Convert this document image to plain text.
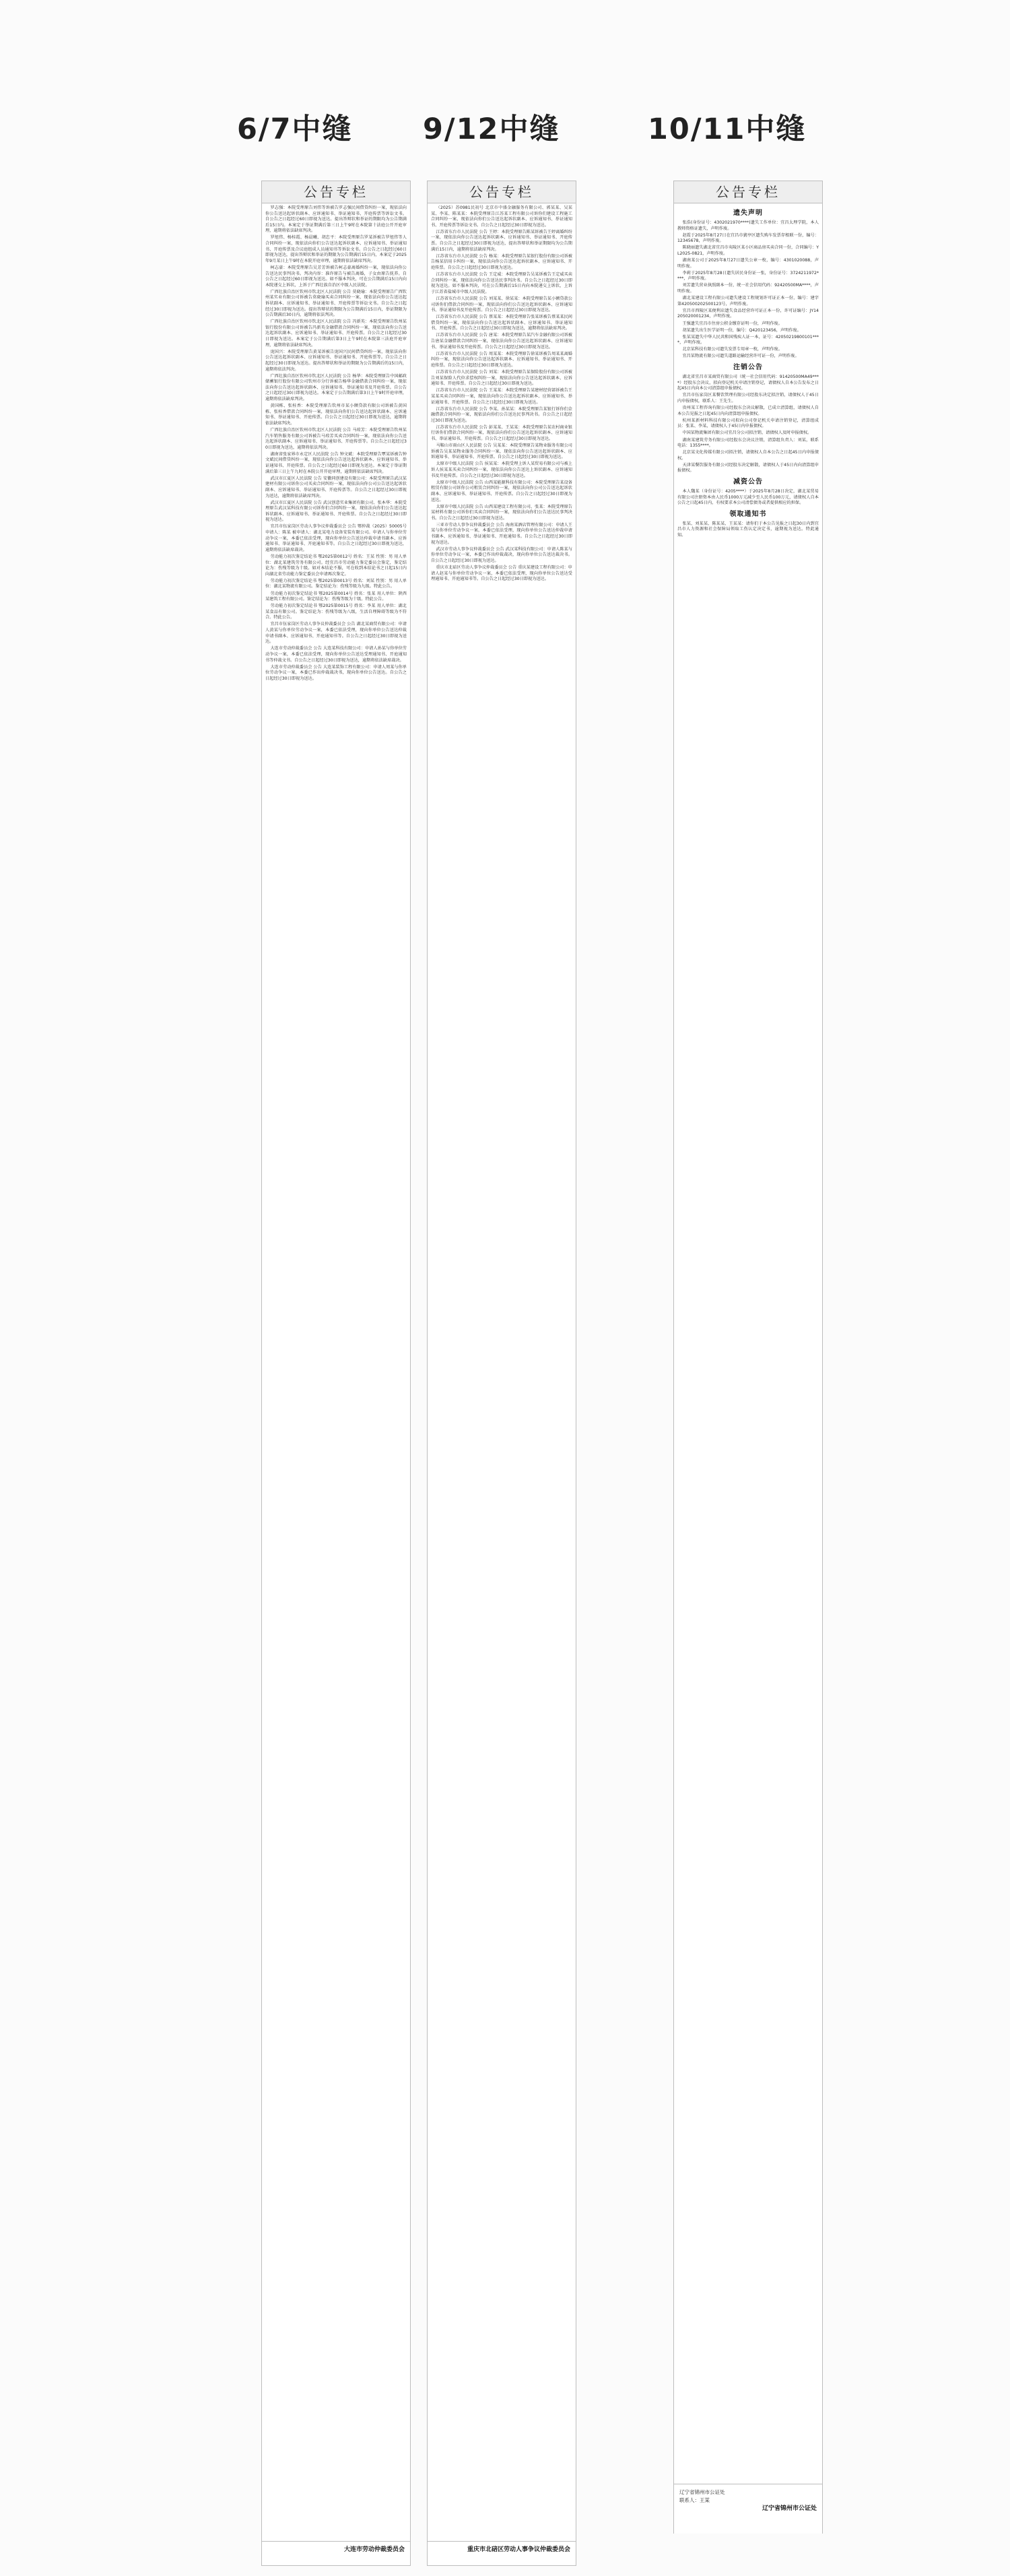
6/7中缝 9/12中缝	10/11中缝
公告专栏

罗志强：本院受理原告刘伟等诉被告罗志强民间借贷纠纷一案，现依法向你公告送达起诉状副本、应诉通知书、举证通知书、开庭传票等诉讼文书。自公告之日起经过60日即视为送达。提出答辩状和举证的期限均为公告期满后15日内。本案定于举证期满后第三日上午9时在本院第十法庭公开开庭审理，逾期将依法缺席判决。

罗旭伟、杨桂霞、杨晨曦、胡忠平：本院受理原告罗某诉被告罗旭伟等人合同纠纷一案，现依法向你们公告送达起诉状副本、应诉通知书、举证通知书、开庭传票及合议庭组成人员通知书等诉讼文书。自公告之日起经过60日即视为送达，提出答辩状和举证的期限为公告期满后15日内，本案定于2025年9月某日上午9时在本院开庭审理，逾期将依法缺席判决。

柯志豪：本院受理原告吴芳芳诉被告柯志豪离婚纠纷一案，现依法向你公告送达民事判决书。判决内容：准许原告与被告离婚，子女由原告抚养。自公告之日起经过60日即视为送达。如不服本判决，可在公告期满后15日内向本院递交上诉状，上诉于广西壮族自治区中级人民法院。

广西壮族自治区钦州市钦北区人民法院 公告 莫晓瑜：本院受理原告广西钦州某实业有限公司诉被告莫晓瑜买卖合同纠纷一案，现依法向你公告送达起诉状副本、应诉通知书、举证通知书、开庭传票等诉讼文书。自公告之日起经过30日即视为送达。提出答辩状的期限为公告期满后15日内，举证期限为公告期满后30日内，逾期将依法判决。

广西壮族自治区钦州市钦北区人民法院 公告 冯新英：本院受理原告钦州某银行股份有限公司诉被告冯新英金融借款合同纠纷一案，现依法向你公告送达起诉状副本、应诉通知书、举证通知书、开庭传票。自公告之日起经过30日即视为送达。本案定于公告期满后第3日上午9时在本院第三法庭开庭审理，逾期将依法缺席判决。

庞国兴：本院受理原告黄某诉被告庞国兴民间借贷纠纷一案，现依法向你公告送达起诉状副本、应诉通知书、举证通知书、开庭传票等。自公告之日起经过30日即视为送达。提出答辩状和举证的期限为公告期满后的15日内，逾期将依法判决。

广西壮族自治区钦州市钦北区人民法院 公告 杨华：本院受理原告中国邮政储蓄银行股份有限公司钦州市分行诉被告杨华金融借款合同纠纷一案，现依法向你公告送达起诉状副本、应诉通知书、举证通知书及开庭传票。自公告之日起经过30日即视为送达。本案定于公告期满后第3日上午9时开庭审理，逾期将依法缺席判决。

黄国栋、张桂香：本院受理原告钦州市某小额贷款有限公司诉被告黄国栋、张桂香借款合同纠纷一案，现依法向你们公告送达起诉状副本、应诉通知书、举证通知书、开庭传票。自公告之日起经过30日即视为送达，逾期将依法缺席判决。

广西壮族自治区钦州市钦北区人民法院 公告 马琼芳：本院受理原告钦州某汽车销售服务有限公司诉被告马琼芳买卖合同纠纷一案，现依法向你公告送达起诉状副本、应诉通知书、举证通知书、开庭传票等。自公告之日起经过30日即视为送达，逾期将依法判决。

湖南省张家界市永定区人民法院 公告 钟文斌：本院受理原告覃某诉被告钟文斌民间借贷纠纷一案，现依法向你公告送达起诉状副本、应诉通知书、举证通知书、开庭传票。自公告之日起经过60日即视为送达。本案定于举证期满后第三日上午九时在本院公开开庭审理，逾期将依法缺席判决。

武汉市江夏区人民法院 公告 安徽同创建设有限公司：本院受理原告武汉某建材有限公司诉你公司买卖合同纠纷一案，现依法向你公司公告送达起诉状副本、应诉通知书、举证通知书、开庭传票等。自公告之日起经过30日即视为送达，逾期将依法缺席判决。

武汉市江夏区人民法院 公告 武汉创意实业集团有限公司、张本华：本院受理原告武汉某科技有限公司诉你们合同纠纷一案，现依法向你们公告送达起诉状副本、应诉通知书、举证通知书、开庭传票。自公告之日起经过30日即视为送达。

宜昌市伍家岗区劳动人事争议仲裁委员会 公告 鄂仲裁（2025）50005号 申请人：陈某 被申请人：湖北某电力设备安装有限公司。申请人与你单位劳动争议一案，本委已依法受理，现向你单位公告送达仲裁申请书副本、应诉通知书、举证通知书、开庭通知书等。自公告之日起经过30日即视为送达，逾期将依法缺席裁决。

劳动能力初次鉴定结论书 鄂2025第0012号 姓名：王某 性别：男 用人单位：湖北某建筑劳务有限公司。经宜昌市劳动能力鉴定委员会鉴定，鉴定结论为：伤残等级为十级。如对本结论不服，可在收到本结论书之日起15日内向湖北省劳动能力鉴定委员会申请再次鉴定。

劳动能力初次鉴定结论书 鄂2025第0013号 姓名：刘某 性别：男 用人单位：湖北某物流有限公司。鉴定结论为：伤残等级为九级。特此公告。

劳动能力初次鉴定结论书 鄂2025第0014号 姓名：张某 用人单位：陕西某建筑工程有限公司。鉴定结论为：伤残等级为十级。特此公告。

劳动能力初次鉴定结论书 鄂2025第0015号 姓名：李某 用人单位：湖北某食品有限公司。鉴定结论为：伤残等级为八级，生活自理障碍等级为不符合。特此公告。

宜昌市伍家岗区劳动人事争议仲裁委员会 公告 湖北某商贸有限公司：申请人黄某与你单位劳动争议一案，本委已依法受理，现向你单位公告送达仲裁申请书副本、应诉通知书、开庭通知书等。自公告之日起经过30日即视为送达。

大连市劳动仲裁委员会 公告 大连某科技有限公司：申请人孙某与你单位劳动争议一案，本委已依法受理，现向你单位公告送达受理通知书、开庭通知书等仲裁文书。自公告之日起经过30日即视为送达，逾期将依法缺席裁决。

大连市劳动仲裁委员会 公告 大连某装饰工程有限公司：申请人周某与你单位劳动争议一案，本委已作出仲裁裁决书，现向你单位公告送达。自公告之日起经过30日即视为送达。

大连市劳动仲裁委员会
公告专栏

（2025）苏0981民初号 北京市中盛金融服务有限公司、郭某某、吴某某、李某、陈某某：本院受理原告江苏某工程有限公司诉你们建设工程施工合同纠纷一案，现依法向你们公告送达起诉状副本、应诉通知书、举证通知书、开庭传票等诉讼文书。自公告之日起经过30日即视为送达。

江苏省东台市人民法院 公告 王婷：本院受理原告陈某诉被告王婷离婚纠纷一案，现依法向你公告送达起诉状副本、应诉通知书、举证通知书、开庭传票。自公告之日起经过30日即视为送达，提出答辩状和举证期限均为公告期满后15日内，逾期将依法缺席判决。

江苏省东台市人民法院 公告 杨某：本院受理原告某银行股份有限公司诉被告杨某信用卡纠纷一案，现依法向你公告送达起诉状副本、应诉通知书、开庭传票。自公告之日起经过30日即视为送达。

江苏省东台市人民法院 公告 王定威：本院受理原告吴某诉被告王定威买卖合同纠纷一案，现依法向你公告送达民事判决书。自公告之日起经过30日即视为送达。如不服本判决，可在公告期满后15日内向本院递交上诉状，上诉于江苏省盐城市中级人民法院。

江苏省东台市人民法院 公告 刘某某、徐某某：本院受理原告某小额贷款公司诉你们借款合同纠纷一案，现依法向你们公告送达起诉状副本、应诉通知书、举证通知书及开庭传票。自公告之日起经过30日即视为送达。

江苏省东台市人民法院 公告 蔡某某：本院受理原告张某诉被告蔡某某民间借贷纠纷一案，现依法向你公告送达起诉状副本、应诉通知书、举证通知书、开庭传票。自公告之日起经过30日即视为送达，逾期将依法缺席判决。

江苏省东台市人民法院 公告 唐某：本院受理原告某汽车金融有限公司诉被告唐某金融借款合同纠纷一案，现依法向你公告送达起诉状副本、应诉通知书、举证通知书及开庭传票。自公告之日起经过30日即视为送达。

江苏省东台市人民法院 公告 周某某：本院受理原告徐某诉被告周某某离婚纠纷一案，现依法向你公告送达起诉状副本、应诉通知书、举证通知书、开庭传票。自公告之日起经过30日即视为送达。

江苏省东台市人民法院 公告 刘某：本院受理原告某保险股份有限公司诉被告刘某保险人代位求偿权纠纷一案，现依法向你公告送达起诉状副本、应诉通知书、开庭传票。自公告之日起经过30日即视为送达。

江苏省东台市人民法院 公告 王某某：本院受理原告某建材经营部诉被告王某某买卖合同纠纷一案，现依法向你公告送达起诉状副本、应诉通知书、举证通知书、开庭传票。自公告之日起经过30日即视为送达。

江苏省东台市人民法院 公告 李某、孙某某：本院受理原告某银行诉你们金融借款合同纠纷一案，现依法向你们公告送达民事判决书。自公告之日起经过30日即视为送达。

江苏省东台市人民法院 公告 彭某某、王某某：本院受理原告某农村商业银行诉你们借款合同纠纷一案，现依法向你们公告送达起诉状副本、应诉通知书、举证通知书、开庭传票。自公告之日起经过30日即视为送达。

马鞍山市雨山区人民法院 公告 吴某某：本院受理原告某物业服务有限公司诉被告吴某某物业服务合同纠纷一案，现依法向你公告送达起诉状副本、应诉通知书、举证通知书、开庭传票。自公告之日起经过30日即视为送达。

太原市中级人民法院 公告 侯某某：本院受理上诉人某贸易有限公司与被上诉人侯某某买卖合同纠纷一案，现依法向你公告送达上诉状副本、应诉通知书及开庭传票。自公告之日起经过30日即视为送达。

太原市中级人民法院 公告 山西某能源科技有限公司：本院受理原告某设备租赁有限公司诉你公司租赁合同纠纷一案，现依法向你公司公告送达起诉状副本、应诉通知书、举证通知书、开庭传票。自公告之日起经过30日即视为送达。

太原市中级人民法院 公告 山西某建设工程有限公司、张某：本院受理原告某材料有限公司诉你们买卖合同纠纷一案，现依法向你们公告送达民事判决书。自公告之日起经过30日即视为送达。

三亚市劳动人事争议仲裁委员会 公告 海南某酒店管理有限公司：申请人王某与你单位劳动争议一案，本委已依法受理，现向你单位公告送达仲裁申请书副本、应诉通知书、举证通知书、开庭通知书。自公告之日起经过30日即视为送达。

武汉市劳动人事争议仲裁委员会 公告 武汉某科技有限公司：申请人陈某与你单位劳动争议一案，本委已作出仲裁裁决，现向你单位公告送达裁决书。自公告之日起经过30日即视为送达。

重庆市北碚区劳动人事争议仲裁委员会 公告 重庆某建设工程有限公司：申请人赵某与你单位劳动争议一案，本委已依法受理，现向你单位公告送达受理通知书、开庭通知书等。自公告之日起经过30日即视为送达。

重庆市北碚区劳动人事争议仲裁委员会
公告专栏
遗失声明

张浩(身份证号：4302021970****)遗失工作单位：宜昌太理学院，本人教师资格证遗失，声明作废。

赵霞于2025年8月27日在宜昌市猇亭区遗失购车发票存根联一份，编号：12345678，声明作废。

陈晓丽遗失湖北省宜昌市夷陵区某小区商品房买卖合同一份，合同编号：YL2025-0821，声明作废。

湖南某公司于2025年8月27日遗失公章一枚，编号：4301020088，声明作废。

李莉于2025年8月28日遗失居民身份证一张，身份证号：3724211972****，声明作废。

刘芳遗失营业执照副本一份，统一社会信用代码：92420500MA****，声明作废。

湖北某建设工程有限公司遗失建设工程规划许可证正本一份，编号：建字第420500202500123号，声明作废。

宜昌市西陵区某便利店遗失食品经营许可证正本一份，许可证编号：JY14205020001234，声明作废。

王强遗失宜昌市住房公积金缴存证明一份，声明作废。

胡某遗失出生医学证明一份，编号：Q420123456，声明作废。

张某某遗失中华人民共和国残疾人证一本，证号：42050219800101****，声明作废。

北京某科技有限公司遗失发票专用章一枚，声明作废。

宜昌某物流有限公司遗失道路运输经营许可证一份，声明作废。

注销公告

湖北省宜昌市某商贸有限公司（统一社会信用代码：91420500MA49****）经股东会决议，拟向登记机关申请注销登记，请债权人自本公告发布之日起45日内向本公司清算组申报债权。

宜昌市伍家岗区某餐饮管理有限公司经股东决定拟注销，请债权人于45日内申报债权，联系人：王先生。

贵州某工程咨询有限公司经股东会决议解散，已成立清算组，请债权人自本公告见报之日起45日内向清算组申报债权。

杭州某新材料科技有限公司拟向公司登记机关申请注销登记，清算组成员：张某、李某，请债权人于45日内申报债权。

中国某物流集团有限公司宜昌分公司拟注销，请债权人及时申报债权。

湖南某建筑劳务有限公司经股东会决议注销，清算组负责人：刘某，联系电话：1355****。

北京某文化传媒有限公司拟注销，请债权人自本公告之日起45日内申报债权。

天津某餐饮服务有限公司经股东决定解散，请债权人于45日内向清算组申报债权。

减资公告

本人魏某（身份证号：4205****）于2025年8月28日决定，湖北某贸易有限公司注册资本由人民币1000万元减少至人民币100万元，请债权人自本公告之日起45日内，有权要求本公司清偿债务或者提供相应的担保。

领取通知书

张某、刘某某、陈某某、王某某：请你们于本公告见报之日起30日内到宜昌市人力资源和社会保障局领取工伤认定决定书，逾期视为送达。特此通知。

辽宁省锦州市公证处
联系人：王某
辽宁省锦州市公证处
